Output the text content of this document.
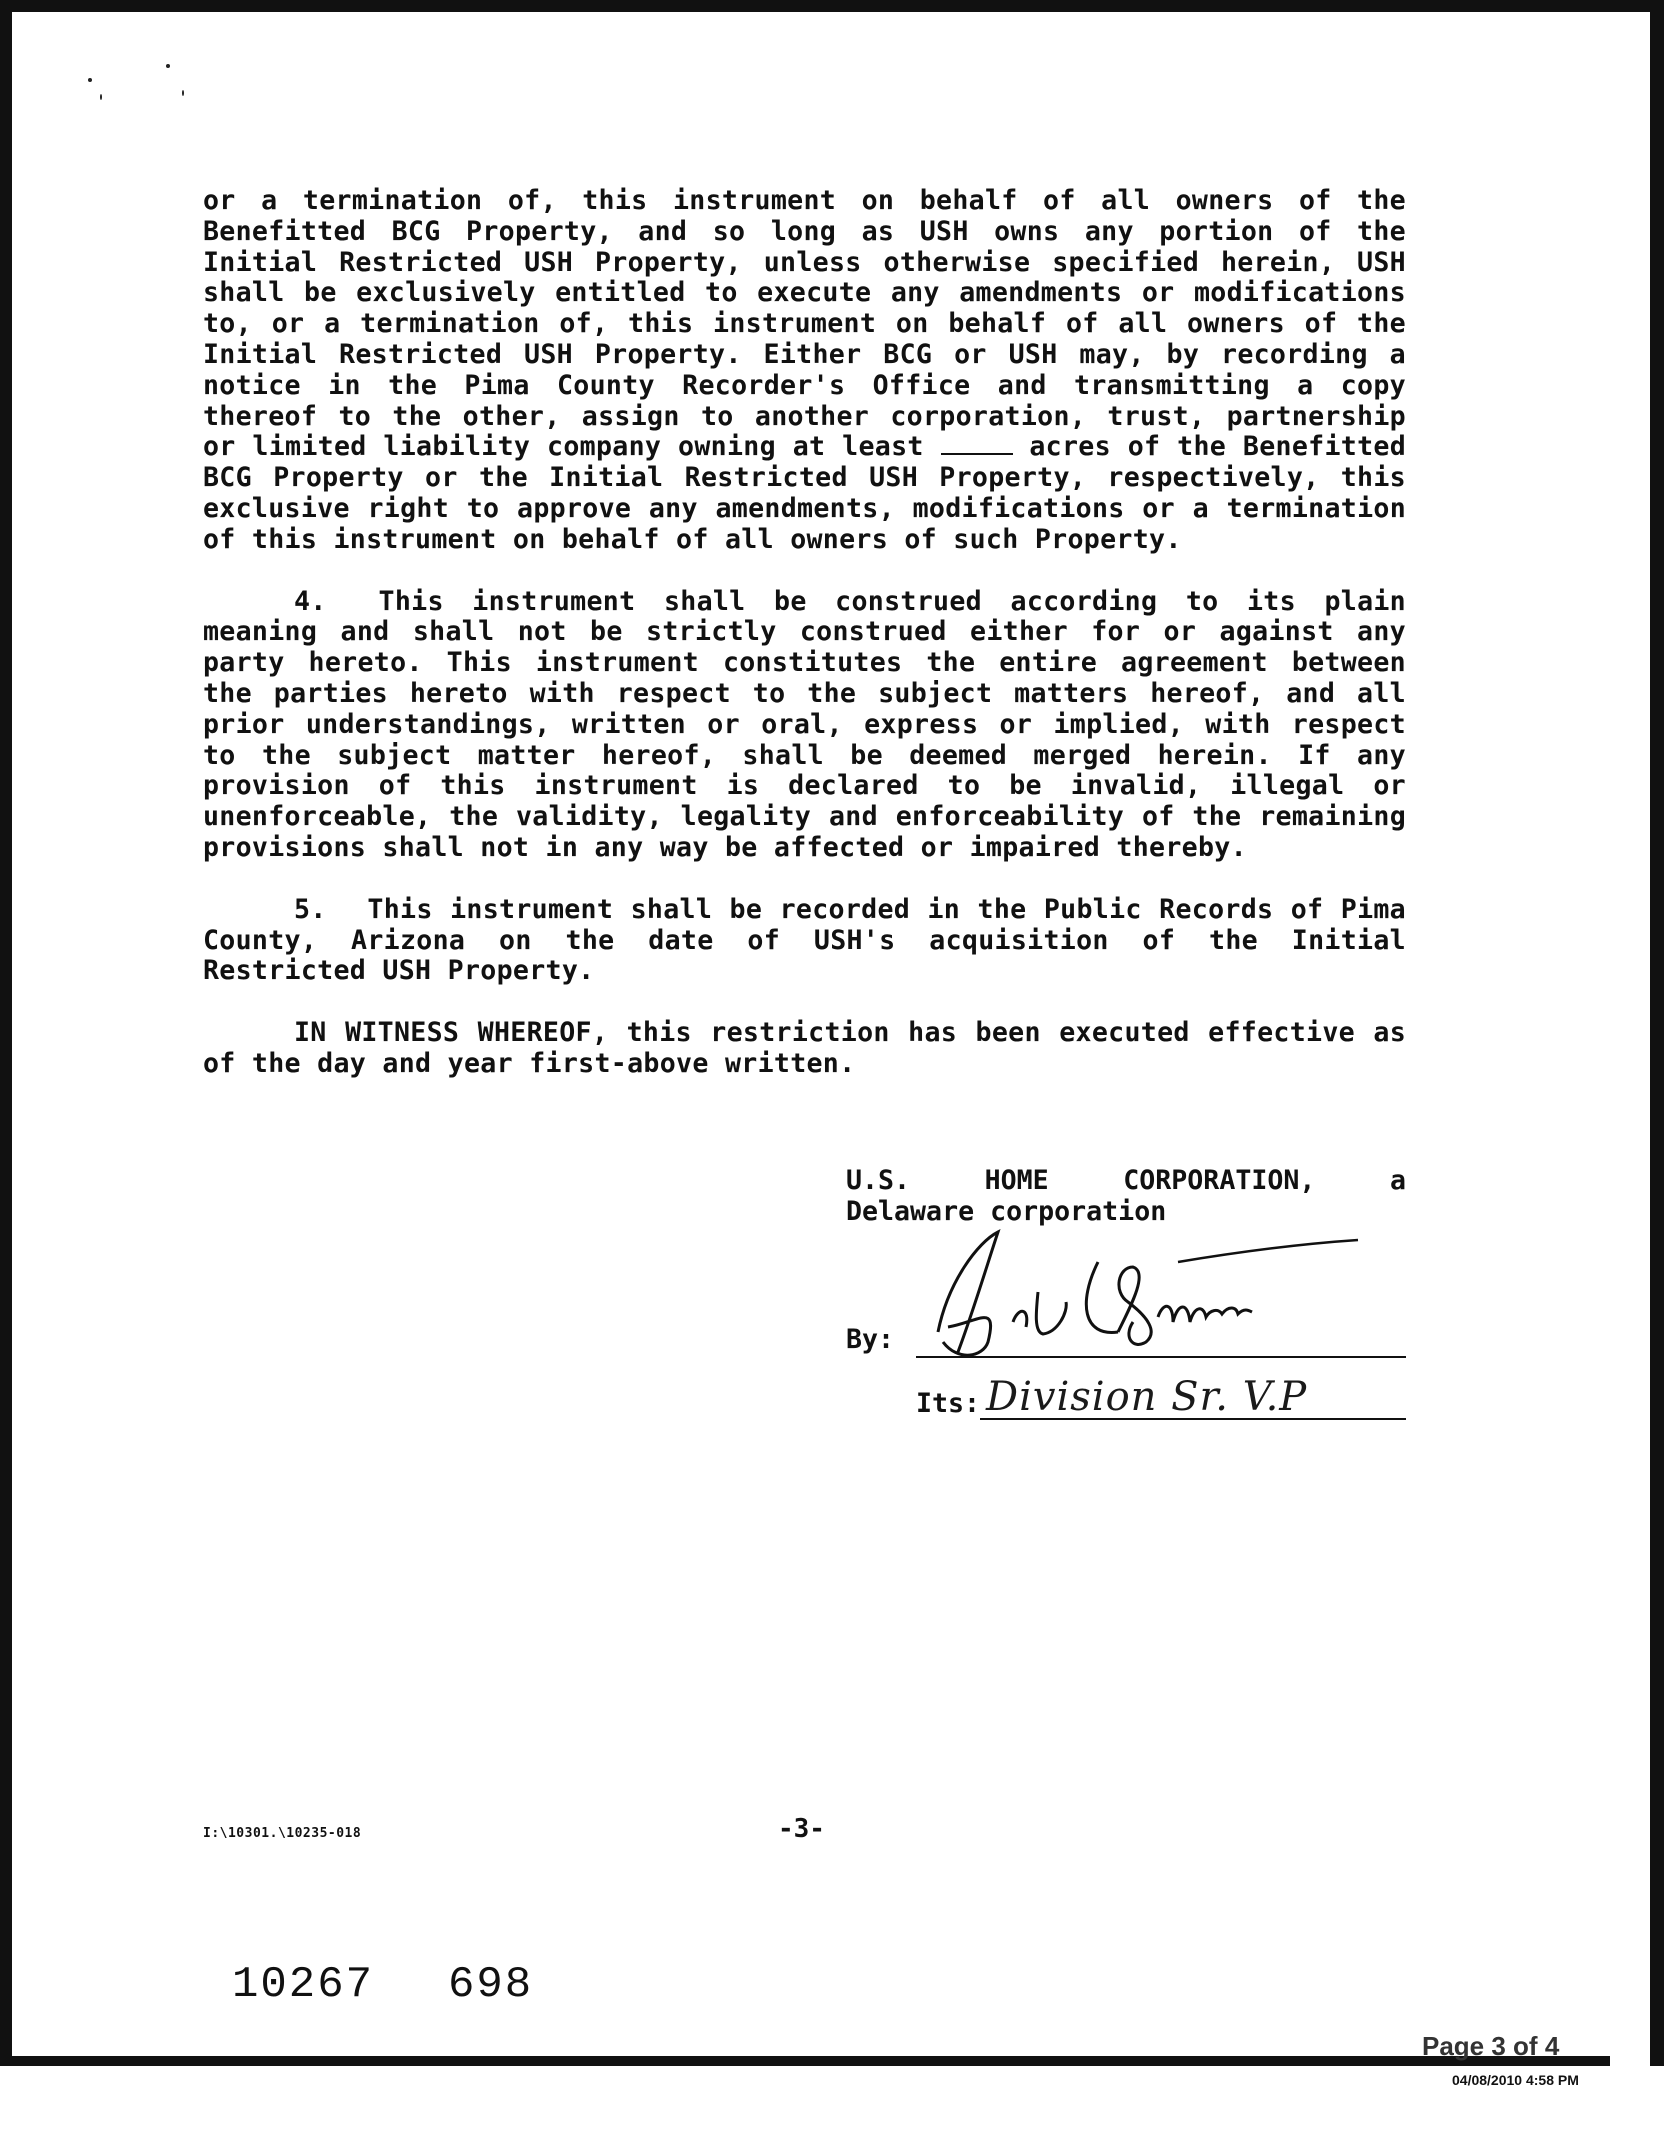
or a termination of, this instrument on behalf of all owners of the Benefitted BCG Property, and so long as USH owns any portion of the Initial Restricted USH Property, unless otherwise specified herein, USH shall be exclusively entitled to execute any amendments or modifications to, or a termination of, this instrument on behalf of all owners of the Initial Restricted USH Property. Either BCG or USH may, by recording a notice in the Pima County Recorder's Office and transmitting a copy thereof to the other, assign to another corporation, trust, partnership or limited liability company owning at least	acres of the Benefitted BCG Property or the Initial Restricted USH Property, respectively, this exclusive right to approve any amendments, modifications or a termination of this instrument on behalf of all owners of such Property.

4. This instrument shall be construed according to its plain meaning and shall not be strictly construed either for or against any party hereto. This instrument constitutes the entire agreement between the parties hereto with respect to the subject matters hereof, and all prior understandings, written or oral, express or implied, with respect to the subject matter hereof, shall be deemed merged herein. If any provision of this instrument is declared to be invalid, illegal or unenforceable, the validity, legality and enforceability of the remaining provisions shall not in any way be affected or impaired thereby.

5. This instrument shall be recorded in the Public Records of Pima County, Arizona on the date of USH's acquisition of the Initial Restricted USH Property.

IN WITNESS WHEREOF, this restriction has been executed effective as of the day and year first-above written.

U.S.	HOME	CORPORATION,	a
Delaware corporation
By:
Its: Division Sr. V.P
I:\10301.\10235-018	-3-
10267 698
Page 3 of 4
04/08/2010 4:58 PM
